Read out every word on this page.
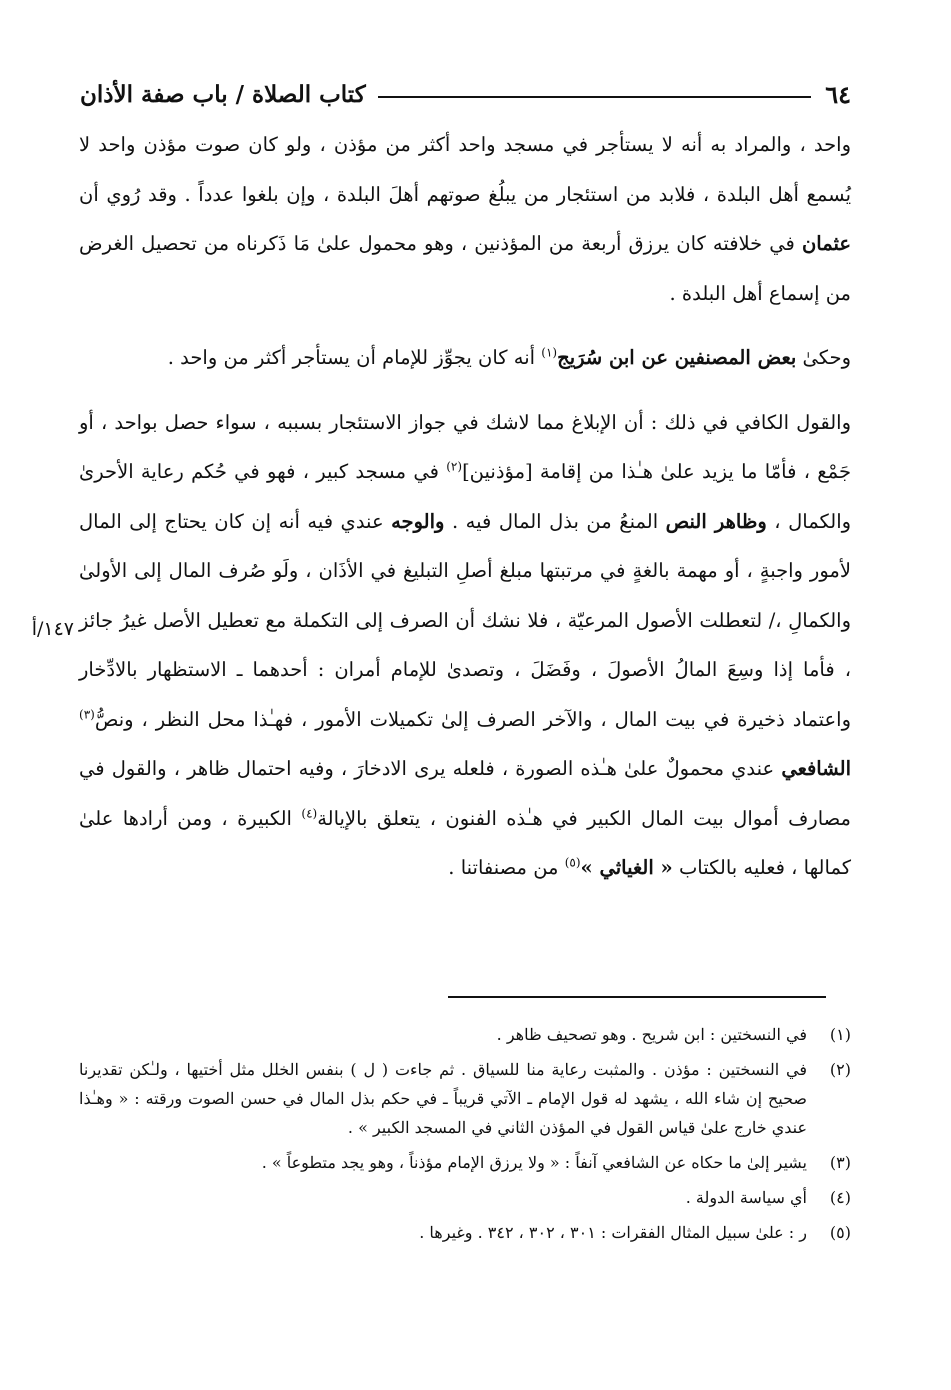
٦٤
كتاب الصلاة / باب صفة الأذان
١٤٧/أ

واحد ، والمراد به أنه لا يستأجر في مسجد واحد أكثر من مؤذن ، ولو كان صوت مؤذن واحد لا يُسمع أهل البلدة ، فلابد من استئجار من يبلُغ صوتهم أهلَ البلدة ، وإن بلغوا عدداً . وقد رُوي أن عثمان في خلافته كان يرزق أربعة من المؤذنين ، وهو محمول علىٰ مَا ذَكرناه من تحصيل الغرض من إسماع أهل البلدة .

وحكىٰ بعض المصنفين عن ابن سُرَيج$^{(١)}$ أنه كان يجوِّز للإمام أن يستأجر أكثر من واحد .

والقول الكافي في ذلك : أن الإبلاغ مما لاشك في جواز الاستئجار بسببه ، سواء حصل بواحد ، أو جَمْع ، فأمّا ما يزيد علىٰ هـٰذا من إقامة [مؤذنين]$^{(٢)}$ في مسجد كبير ، فهو في حُكم رعاية الأحرىٰ والكمال ، وظاهر النص المنعُ من بذل المال فيه . والوجه عندي فيه أنه إن كان يحتاج إلى المال لأمور واجبةٍ ، أو مهمة بالغةٍ في مرتبتها مبلغ أصلِ التبليغ في الأذَان ، ولَو صُرف المال إلى الأولىٰ والكمالِ ،/ لتعطلت الأصول المرعيّة ، فلا نشك أن الصرف إلى التكملة مع تعطيل الأصل غيرُ جائز ، فأما إذا وسِعَ المالُ الأصولَ ، وفَضَلَ ، وتصدىٰ للإمام أمران : أحدهما ـ الاستظهار بالادِّخار واعتماد ذخيرة في بيت المال ، والآخر الصرف إلىٰ تكميلات الأمور ، فهـٰذا محل النظر ، ونصُّ$^{(٣)}$ الشافعي عندي محمولٌ علىٰ هـٰذه الصورة ، فلعله يرى الادخارَ ، وفيه احتمال ظاهر ، والقول في مصارف أموال بيت المال الكبير في هـٰذه الفنون ، يتعلق بالإيالة$^{(٤)}$ الكبيرة ، ومن أرادها علىٰ كمالها ، فعليه بالكتاب « الغياثي »$^{(٥)}$ من مصنفاتنا .

(١)
في النسختين : ابن شريح . وهو تصحيف ظاهر .
(٢)
في النسختين : مؤذن . والمثبت رعاية منا للسياق . ثم جاءت ( ل ) بنفس الخلل مثل أختيها ، ولـٰكن تقديرنا صحيح إن شاء الله ، يشهد له قول الإمام ـ الآتي قريباً ـ في حكم بذل المال في حسن الصوت ورقته : « وهـٰذا عندي خارج علىٰ قياس القول في المؤذن الثاني في المسجد الكبير » .
(٣)
يشير إلىٰ ما حكاه عن الشافعي آنفاً : « ولا يرزق الإمام مؤذناً ، وهو يجد متطوعاً » .
(٤)
أي سياسة الدولة .
(٥)
ر : علىٰ سبيل المثال الفقرات : ٣٠١ ، ٣٠٢ ، ٣٤٢ . وغيرها .
